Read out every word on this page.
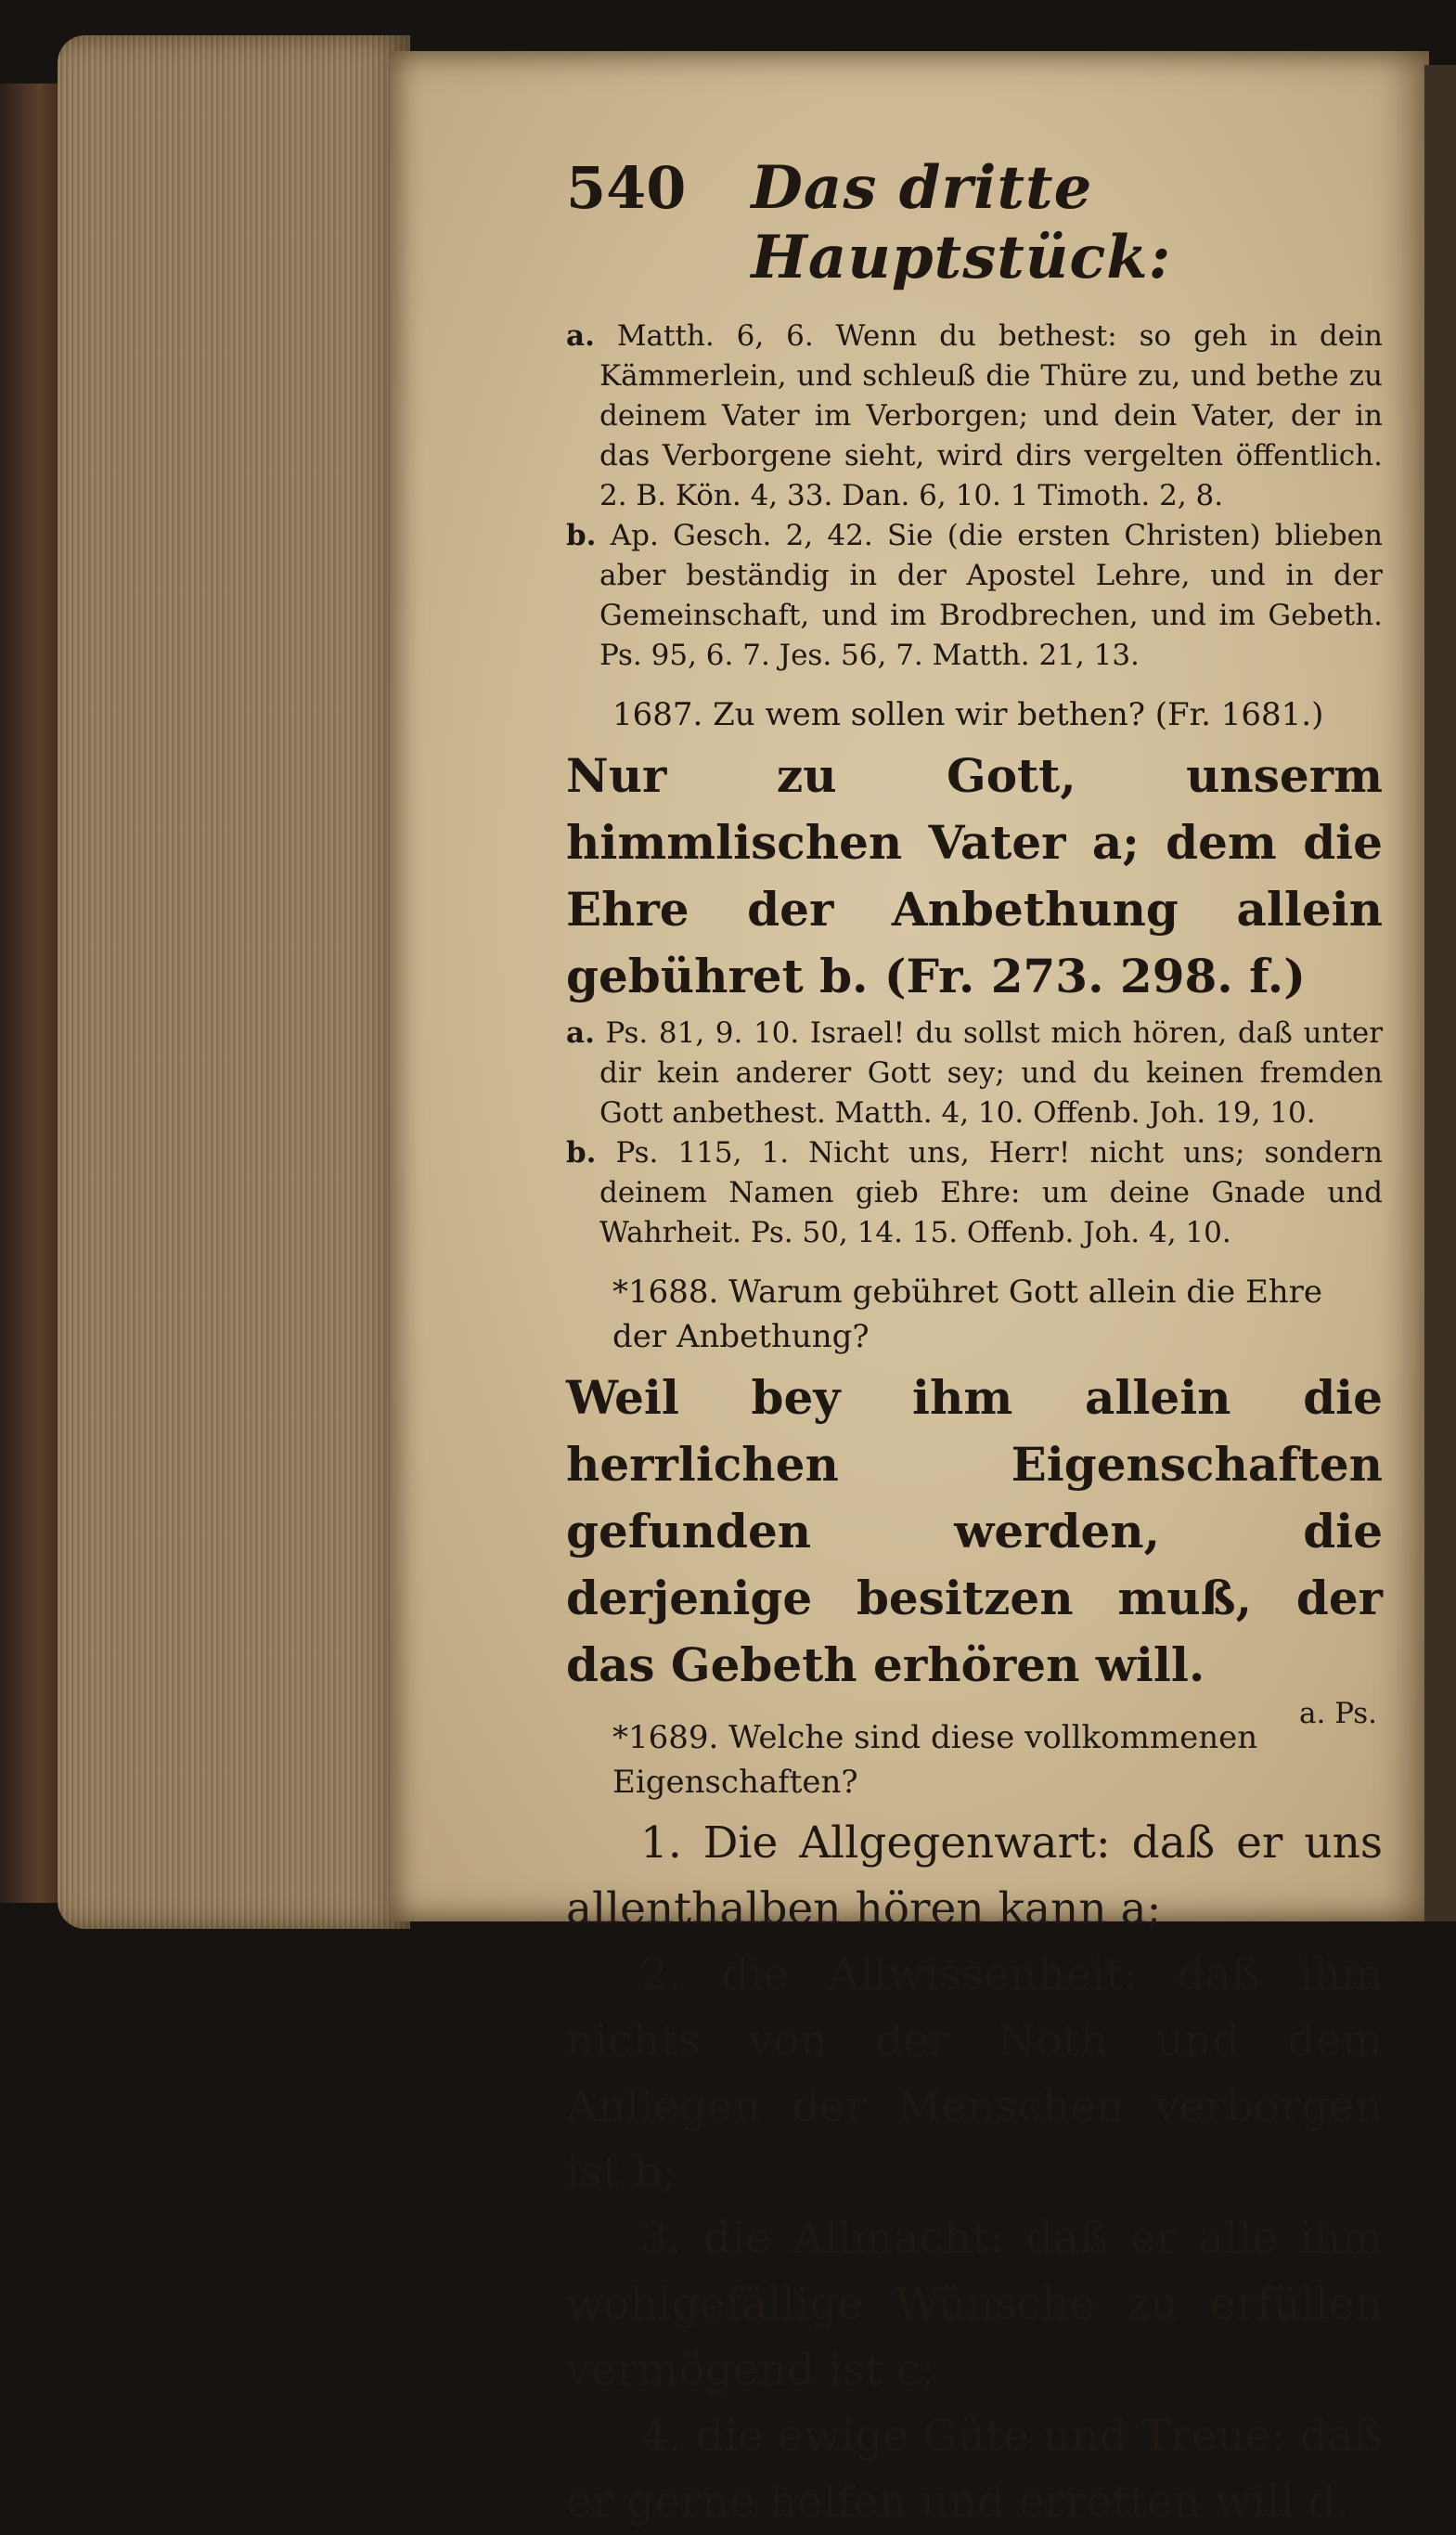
540 Das dritte Hauptstück:

a. Matth. 6, 6. Wenn du bethest: so geh in dein Kämmerlein, und schleuß die Thüre zu, und bethe zu deinem Vater im Verborgen; und dein Vater, der in das Verborgene sieht, wird dirs vergelten öffentlich. 2. B. Kön. 4, 33. Dan. 6, 10. 1 Timoth. 2, 8.

b. Ap. Gesch. 2, 42. Sie (die ersten Christen) blieben aber beständig in der Apostel Lehre, und in der Gemeinschaft, und im Brodbrechen, und im Gebeth. Ps. 95, 6. 7. Jes. 56, 7. Matth. 21, 13.

1687. Zu wem sollen wir bethen? (Fr. 1681.)

Nur zu Gott, unserm himmlischen Vater a; dem die Ehre der Anbethung allein gebühret b. (Fr. 273. 298. f.)

a. Ps. 81, 9. 10. Israel! du sollst mich hören, daß unter dir kein anderer Gott sey; und du keinen fremden Gott anbethest. Matth. 4, 10. Offenb. Joh. 19, 10.

b. Ps. 115, 1. Nicht uns, Herr! nicht uns; sondern deinem Namen gieb Ehre: um deine Gnade und Wahrheit. Ps. 50, 14. 15. Offenb. Joh. 4, 10.

*1688. Warum gebühret Gott allein die Ehre der Anbethung?

Weil bey ihm allein die herrlichen Eigenschaften gefunden werden, die derjenige besitzen muß, der das Gebeth erhören will.

*1689. Welche sind diese vollkommenen Eigenschaften?

1. Die Allgegenwart: daß er uns allenthalben hören kann a;

2. die Allwissenheit: daß ihm nichts von der Noth und dem Anliegen der Menschen verborgen ist b;

3. die Allmacht: daß er alle ihm wohlgefällige Wünsche zu erfüllen vermögend ist c;

4. die ewige Güte und Treue: daß er gerne helfen und erretten will d.

a. Ps.
